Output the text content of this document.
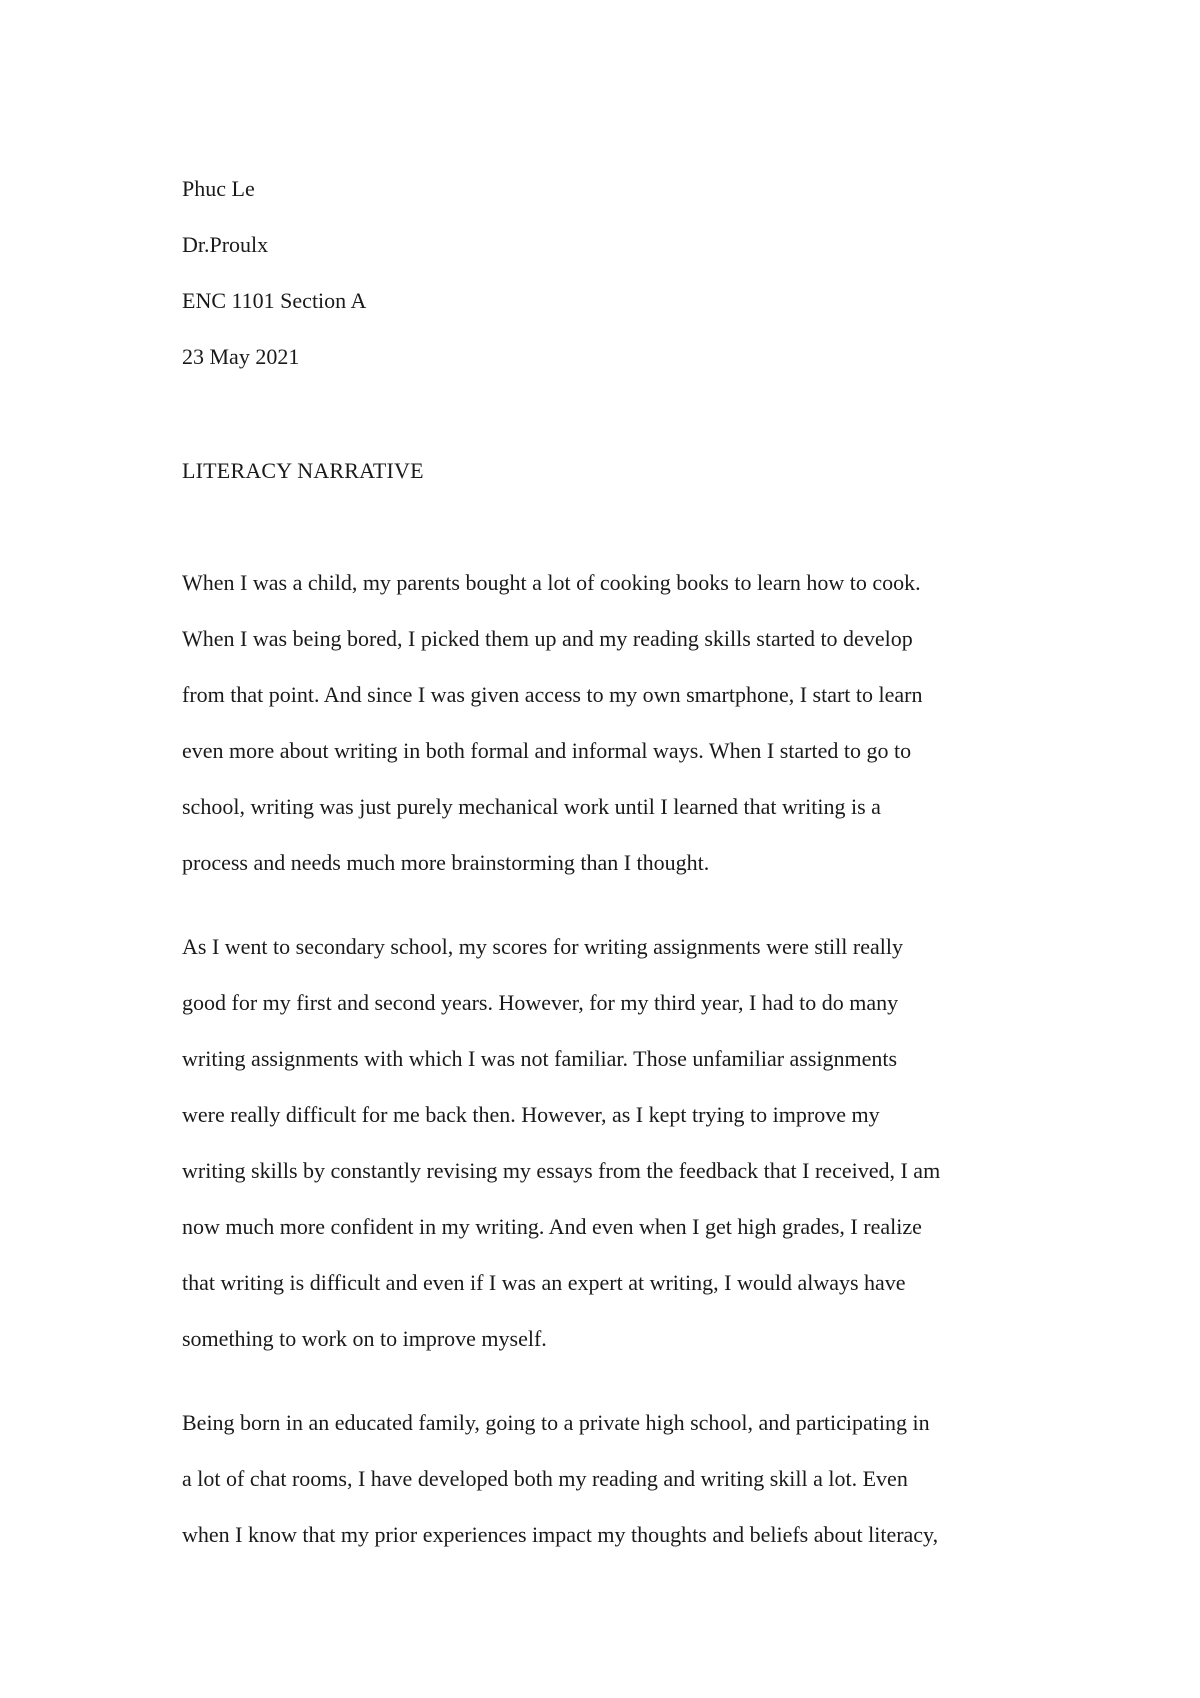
Phuc Le
Dr.Proulx
ENC 1101 Section A
23 May 2021
LITERACY NARRATIVE
When I was a child, my parents bought a lot of cooking books to learn how to cook.
When I was being bored, I picked them up and my reading skills started to develop
from that point. And since I was given access to my own smartphone, I start to learn
even more about writing in both formal and informal ways. When I started to go to
school, writing was just purely mechanical work until I learned that writing is a
process and needs much more brainstorming than I thought.
As I went to secondary school, my scores for writing assignments were still really
good for my first and second years. However, for my third year, I had to do many
writing assignments with which I was not familiar. Those unfamiliar assignments
were really difficult for me back then. However, as I kept trying to improve my
writing skills by constantly revising my essays from the feedback that I received, I am
now much more confident in my writing. And even when I get high grades, I realize
that writing is difficult and even if I was an expert at writing, I would always have
something to work on to improve myself.
Being born in an educated family, going to a private high school, and participating in
a lot of chat rooms, I have developed both my reading and writing skill a lot. Even
when I know that my prior experiences impact my thoughts and beliefs about literacy,
